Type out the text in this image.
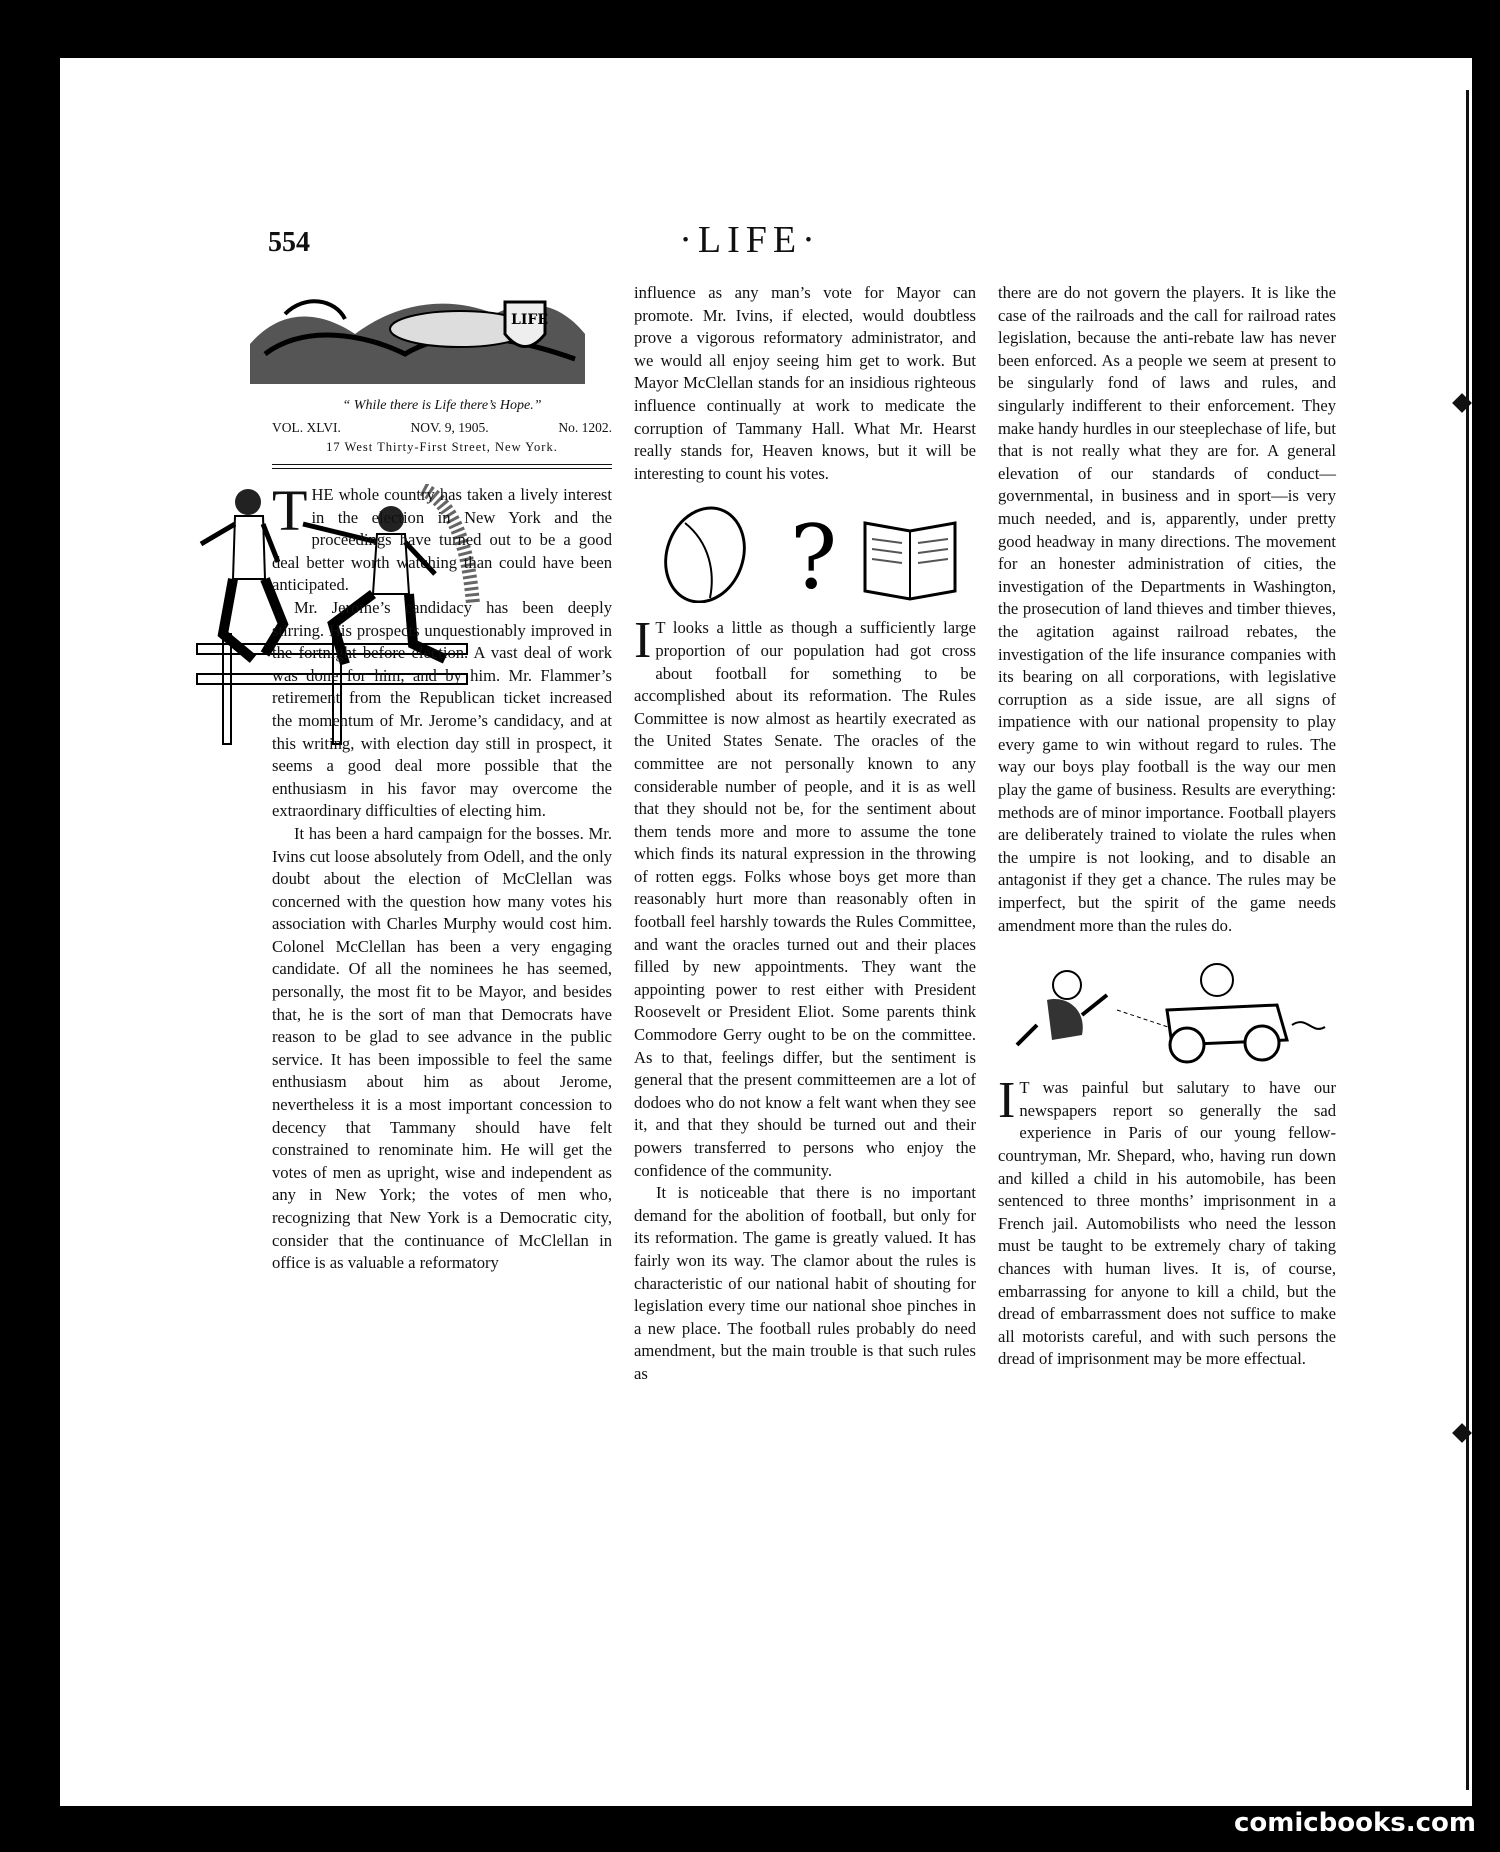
554	·LIFE·
LIFE
“ While there is Life there’s Hope.”
VOL. XLVI.	NOV. 9, 1905.	No. 1202.
17 West Thirty-First Street, New York.

THE whole country has taken a lively interest in the election in New York and the proceedings have turned out to be a good deal better worth watching than could have been anticipated.

Mr. Jerome’s candidacy has been deeply stirring. His prospects unquestionably improved in the fortnight before election. A vast deal of work was done for him, and by him. Mr. Flammer’s retirement from the Republican ticket increased the momentum of Mr. Jerome’s candidacy, and at this writing, with election day still in prospect, it seems a good deal more possible that the enthusiasm in his favor may overcome the extraordinary difficulties of electing him.

It has been a hard campaign for the bosses. Mr. Ivins cut loose absolutely from Odell, and the only doubt about the election of McClellan was concerned with the question how many votes his association with Charles Murphy would cost him. Colonel McClellan has been a very engaging candidate. Of all the nominees he has seemed, personally, the most fit to be Mayor, and besides that, he is the sort of man that Democrats have reason to be glad to see advance in the public service. It has been impossible to feel the same enthusiasm about him as about Jerome, nevertheless it is a most important concession to decency that Tammany should have felt constrained to renominate him. He will get the votes of men as upright, wise and independent as any in New York; the votes of men who, recognizing that New York is a Democratic city, consider that the continuance of McClellan in office is as valuable a reformatory

influence as any man’s vote for Mayor can promote. Mr. Ivins, if elected, would doubtless prove a vigorous reformatory administrator, and we would all enjoy seeing him get to work. But Mayor McClellan stands for an insidious righteous influence continually at work to medicate the corruption of Tammany Hall. What Mr. Hearst really stands for, Heaven knows, but it will be interesting to count his votes.

?

I T looks a little as though a sufficiently large proportion of our population had got cross about football for something to be accomplished about its reformation. The Rules Committee is now almost as heartily execrated as the United States Senate. The oracles of the committee are not personally known to any considerable number of people, and it is as well that they should not be, for the sentiment about them tends more and more to assume the tone which finds its natural expression in the throwing of rotten eggs. Folks whose boys get more than reasonably hurt more than reasonably often in football feel harshly towards the Rules Committee, and want the oracles turned out and their places filled by new appointments. They want the appointing power to rest either with President Roosevelt or President Eliot. Some parents think Commodore Gerry ought to be on the committee. As to that, feelings differ, but the sentiment is general that the present committeemen are a lot of dodoes who do not know a felt want when they see it, and that they should be turned out and their powers transferred to persons who enjoy the confidence of the community.

It is noticeable that there is no important demand for the abolition of football, but only for its reformation. The game is greatly valued. It has fairly won its way. The clamor about the rules is characteristic of our national habit of shouting for legislation every time our national shoe pinches in a new place. The football rules probably do need amendment, but the main trouble is that such rules as

there are do not govern the players. It is like the case of the railroads and the call for railroad rates legislation, because the anti-rebate law has never been enforced. As a people we seem at present to be singularly fond of laws and rules, and singularly indifferent to their enforcement. They make handy hurdles in our steeplechase of life, but that is not really what they are for. A general elevation of our standards of conduct—governmental, in business and in sport—is very much needed, and is, apparently, under pretty good headway in many directions. The movement for an honester administration of cities, the investigation of the Departments in Washington, the prosecution of land thieves and timber thieves, the agitation against railroad rebates, the investigation of the life insurance companies with its bearing on all corporations, with legislative corruption as a side issue, are all signs of impatience with our national propensity to play every game to win without regard to rules. The way our boys play football is the way our men play the game of business. Results are everything: methods are of minor importance. Football players are deliberately trained to violate the rules when the umpire is not looking, and to disable an antagonist if they get a chance. The rules may be imperfect, but the spirit of the game needs amendment more than the rules do.

I T was painful but salutary to have our newspapers report so generally the sad experience in Paris of our young fellow-countryman, Mr. Shepard, who, having run down and killed a child in his automobile, has been sentenced to three months’ imprisonment in a French jail. Automobilists who need the lesson must be taught to be extremely chary of taking chances with human lives. It is, of course, embarrassing for anyone to kill a child, but the dread of embarrassment does not suffice to make all motorists careful, and with such persons the dread of imprisonment may be more effectual.

comicbooks.com
